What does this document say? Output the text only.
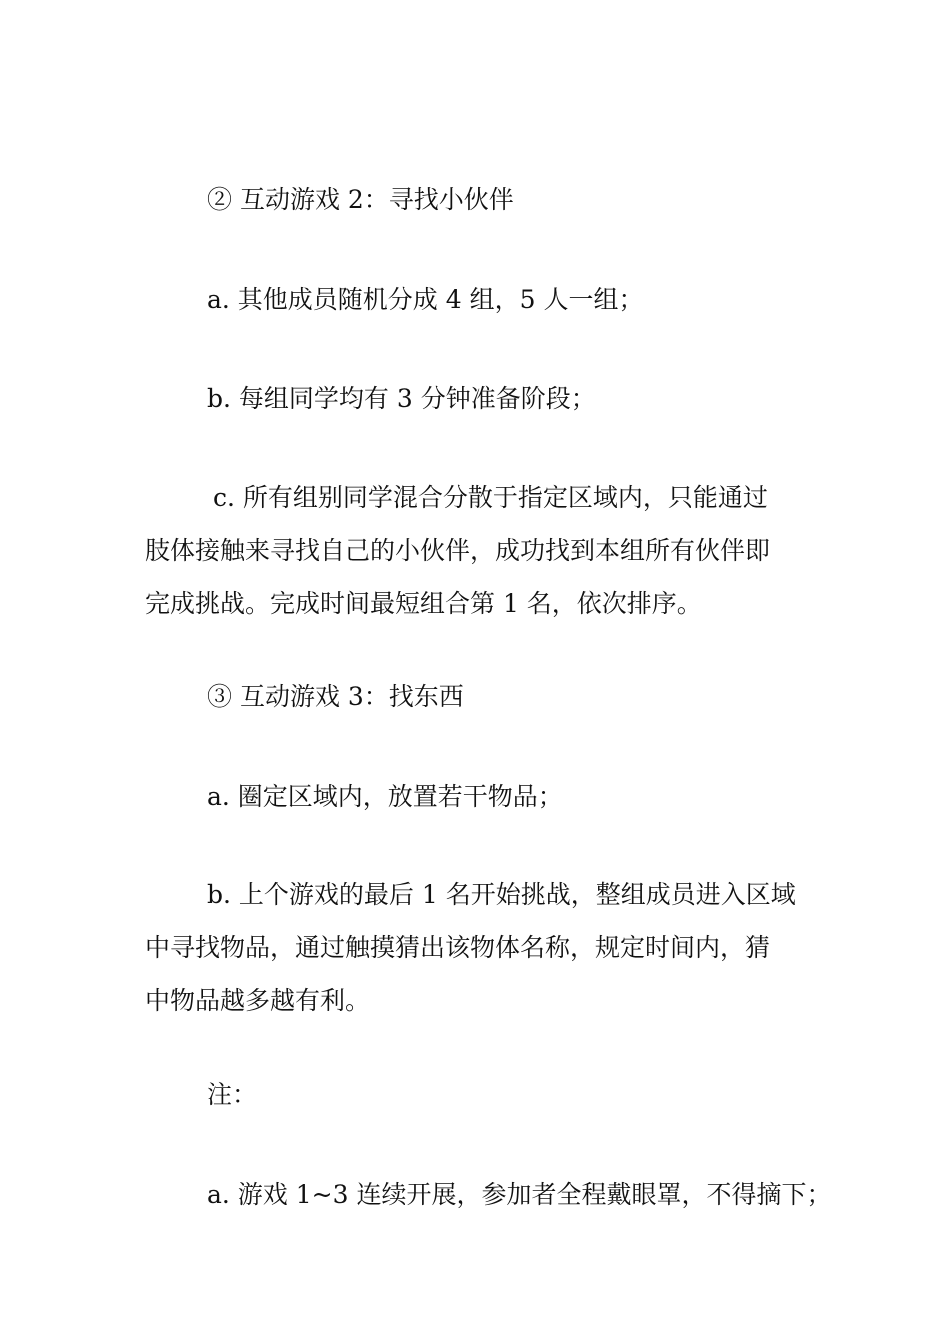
② 互动游戏 2：寻找小伙伴
a. 其他成员随机分成 4 组，5 人一组；
b. 每组同学均有 3 分钟准备阶段；
c. 所有组别同学混合分散于指定区域内，只能通过
肢体接触来寻找自己的小伙伴，成功找到本组所有伙伴即
完成挑战。完成时间最短组合第 1 名，依次排序。
③ 互动游戏 3：找东西
a. 圈定区域内，放置若干物品；
b. 上个游戏的最后 1 名开始挑战，整组成员进入区域
中寻找物品，通过触摸猜出该物体名称，规定时间内，猜
中物品越多越有利。
注：
a. 游戏 1~3 连续开展，参加者全程戴眼罩，不得摘下；
